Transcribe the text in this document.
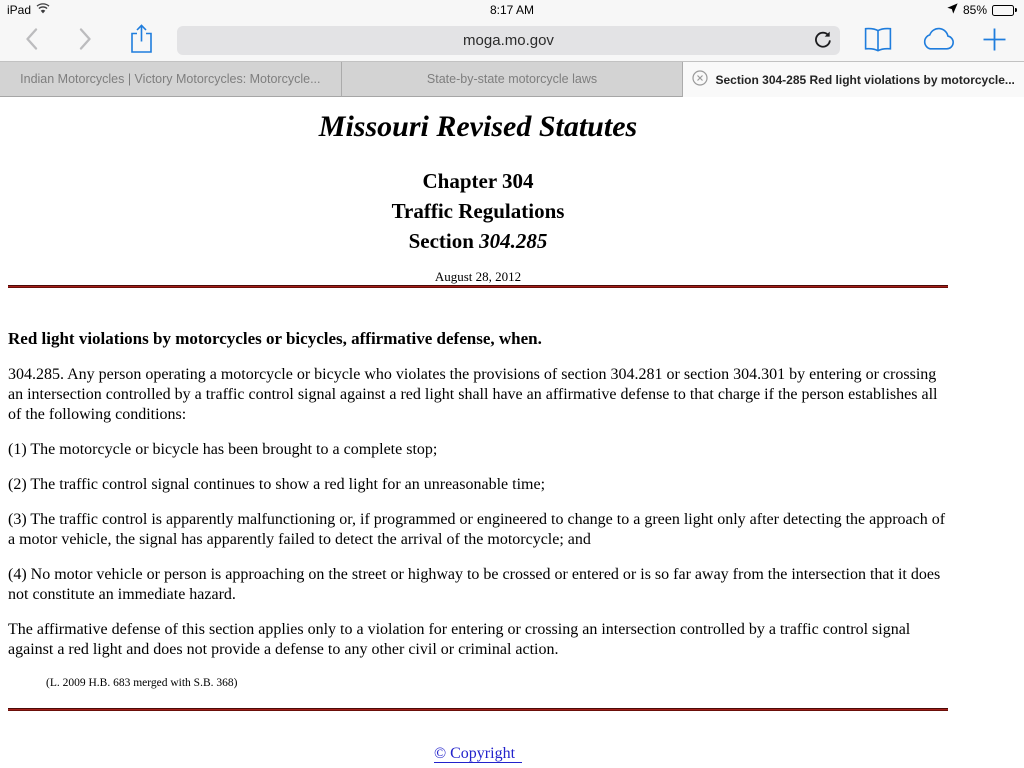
iPad	8:17 AM	85%
moga.mo.gov
Indian Motorcycles | Victory Motorcycles: Motorcycle...	State-by-state motorcycle laws	Section 304-285 Red light violations by motorcycle...
Missouri Revised Statutes
Chapter 304
Traffic Regulations
Section 304.285
August 28, 2012
Red light violations by motorcycles or bicycles, affirmative defense, when.

304.285. Any person operating a motorcycle or bicycle who violates the provisions of section 304.281 or section 304.301 by entering or crossing an intersection controlled by a traffic control signal against a red light shall have an affirmative defense to that charge if the person establishes all of the following conditions:

(1) The motorcycle or bicycle has been brought to a complete stop;

(2) The traffic control signal continues to show a red light for an unreasonable time;

(3) The traffic control is apparently malfunctioning or, if programmed or engineered to change to a green light only after detecting the approach of a motor vehicle, the signal has apparently failed to detect the arrival of the motorcycle; and

(4) No motor vehicle or person is approaching on the street or highway to be crossed or entered or is so far away from the intersection that it does not constitute an immediate hazard.

The affirmative defense of this section applies only to a violation for entering or crossing an intersection controlled by a traffic control signal against a red light and does not provide a defense to any other civil or criminal action.

(L. 2009 H.B. 683 merged with S.B. 368)
© Copyright
